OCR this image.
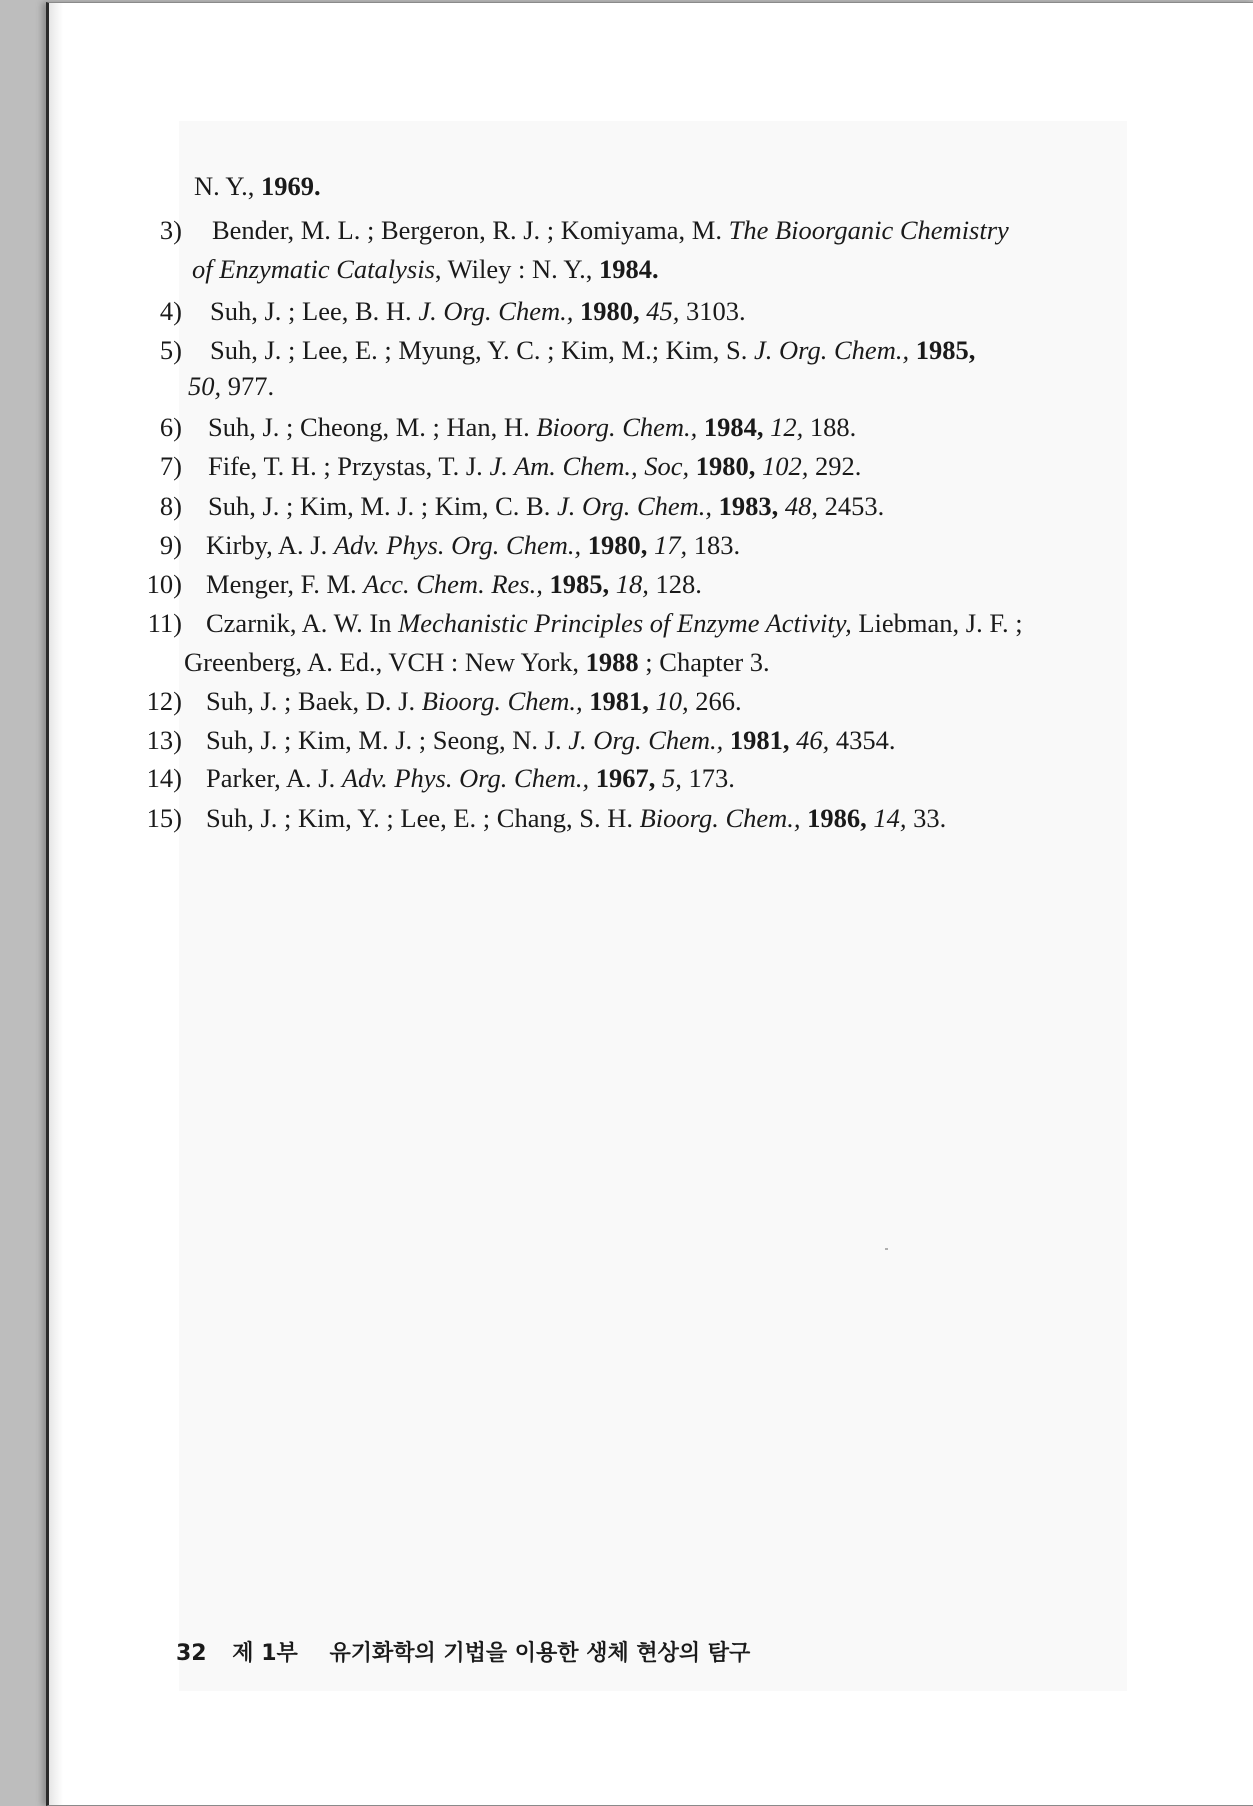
N. Y., 1969.
3) Bender, M. L. ; Bergeron, R. J. ; Komiyama, M. The Bioorganic Chemistry
of Enzymatic Catalysis, Wiley : N. Y., 1984.
4) Suh, J. ; Lee, B. H. J. Org. Chem., 1980, 45, 3103.
5) Suh, J. ; Lee, E. ; Myung, Y. C. ; Kim, M.; Kim, S. J. Org. Chem., 1985,
50, 977.
6) Suh, J. ; Cheong, M. ; Han, H. Bioorg. Chem., 1984, 12, 188.
7) Fife, T. H. ; Przystas, T. J. J. Am. Chem., Soc, 1980, 102, 292.
8) Suh, J. ; Kim, M. J. ; Kim, C. B. J. Org. Chem., 1983, 48, 2453.
9) Kirby, A. J. Adv. Phys. Org. Chem., 1980, 17, 183.
10) Menger, F. M. Acc. Chem. Res., 1985, 18, 128.
11) Czarnik, A. W. In Mechanistic Principles of Enzyme Activity, Liebman, J. F. ;
Greenberg, A. Ed., VCH : New York, 1988 ; Chapter 3.
12) Suh, J. ; Baek, D. J. Bioorg. Chem., 1981, 10, 266.
13) Suh, J. ; Kim, M. J. ; Seong, N. J. J. Org. Chem., 1981, 46, 4354.
14) Parker, A. J. Adv. Phys. Org. Chem., 1967, 5, 173.
15) Suh, J. ; Kim, Y. ; Lee, E. ; Chang, S. H. Bioorg. Chem., 1986, 14, 33.
32 제 1부 유기화학의 기법을 이용한 생체 현상의 탐구
